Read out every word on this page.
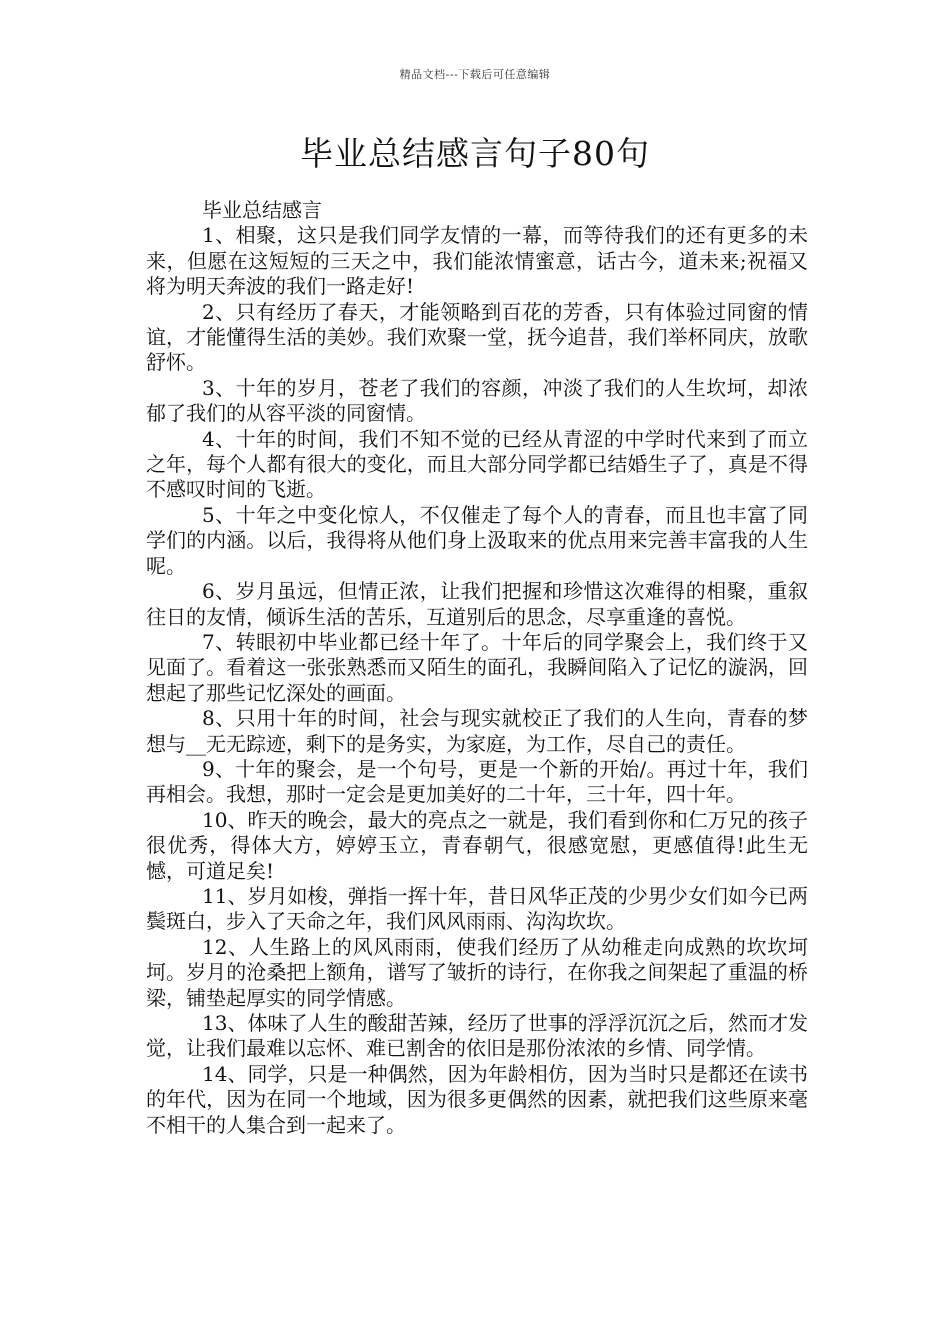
精品文档---下载后可任意编辑
毕业总结感言句子80句

毕业总结感言

1、相聚，这只是我们同学友情的一幕，而等待我们的还有更多的未来，但愿在这短短的三天之中，我们能浓情蜜意，话古今，道未来;祝福又将为明天奔波的我们一路走好!

2、只有经历了春天，才能领略到百花的芳香，只有体验过同窗的情谊，才能懂得生活的美妙。我们欢聚一堂，抚今追昔，我们举杯同庆，放歌舒怀。

3、十年的岁月，苍老了我们的容颜，冲淡了我们的人生坎坷，却浓郁了我们的从容平淡的同窗情。

4、十年的时间，我们不知不觉的已经从青涩的中学时代来到了而立之年，每个人都有很大的变化，而且大部分同学都已结婚生子了，真是不得不感叹时间的飞逝。

5、十年之中变化惊人，不仅催走了每个人的青春，而且也丰富了同学们的内涵。以后，我得将从他们身上汲取来的优点用来完善丰富我的人生呢。

6、岁月虽远，但情正浓，让我们把握和珍惜这次难得的相聚，重叙往日的友情，倾诉生活的苦乐，互道别后的思念，尽享重逢的喜悦。

7、转眼初中毕业都已经十年了。十年后的同学聚会上，我们终于又见面了。看着这一张张熟悉而又陌生的面孔，我瞬间陷入了记忆的漩涡，回想起了那些记忆深处的画面。

8、只用十年的时间，社会与现实就校正了我们的人生向，青春的梦想与__无无踪迹，剩下的是务实，为家庭，为工作，尽自己的责任。

9、十年的聚会，是一个句号，更是一个新的开始/。再过十年，我们再相会。我想，那时一定会是更加美好的二十年，三十年，四十年。

10、昨天的晚会，最大的亮点之一就是，我们看到你和仁万兄的孩子很优秀，得体大方，婷婷玉立，青春朝气，很感宽慰，更感值得!此生无憾，可道足矣!

11、岁月如梭，弹指一挥十年，昔日风华正茂的少男少女们如今已两鬓斑白，步入了天命之年，我们风风雨雨、沟沟坎坎。

12、人生路上的风风雨雨，使我们经历了从幼稚走向成熟的坎坎坷坷。岁月的沧桑把上额角，谱写了皱折的诗行，在你我之间架起了重温的桥梁，铺垫起厚实的同学情感。

13、体味了人生的酸甜苦辣，经历了世事的浮浮沉沉之后，然而才发觉，让我们最难以忘怀、难已割舍的依旧是那份浓浓的乡情、同学情。

14、同学，只是一种偶然，因为年龄相仿，因为当时只是都还在读书的年代，因为在同一个地域，因为很多更偶然的因素，就把我们这些原来毫不相干的人集合到一起来了。
